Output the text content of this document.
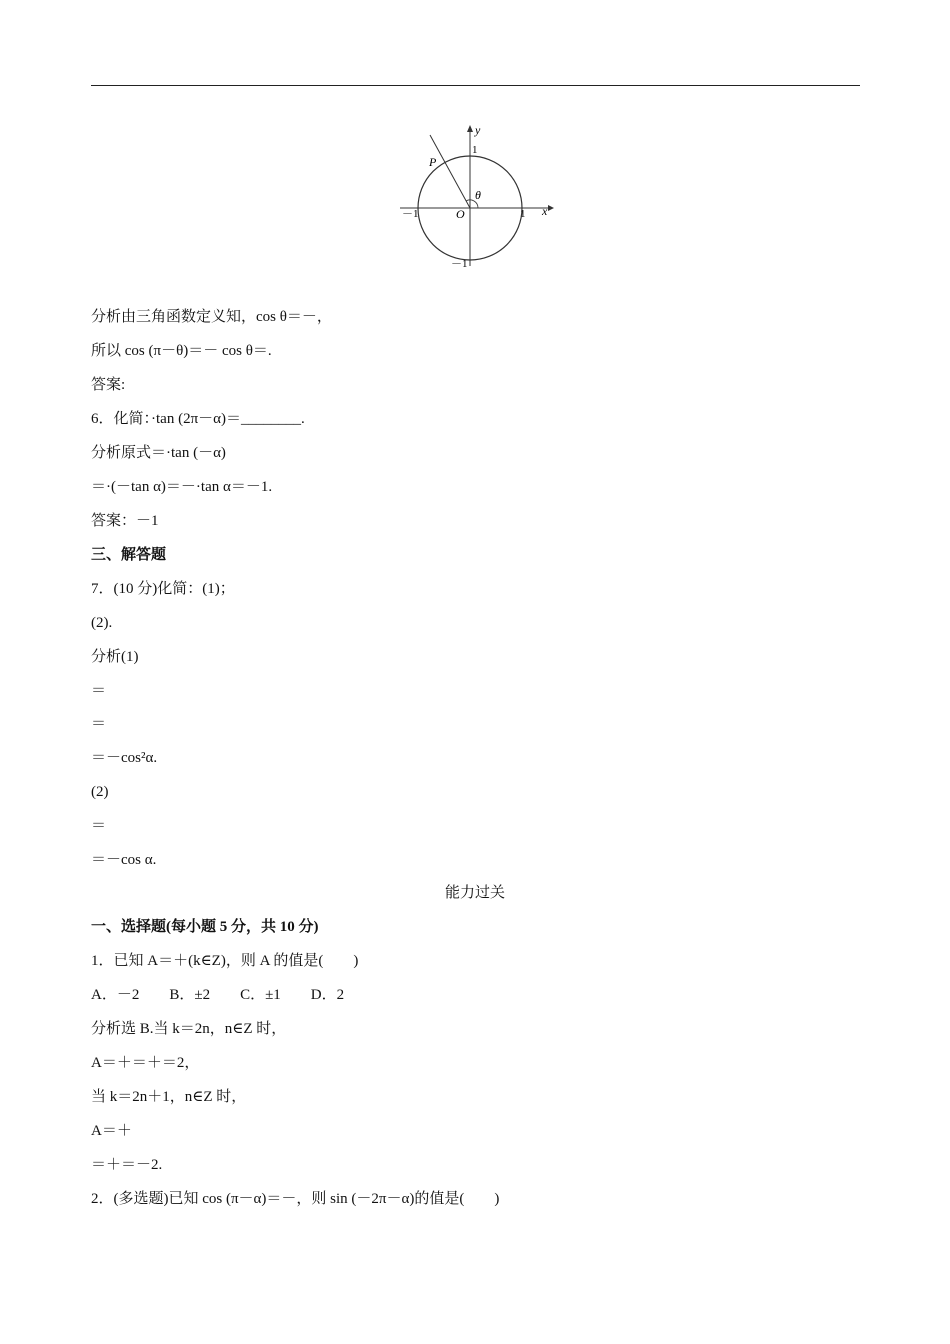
x
y
P
O
θ
1
－1
1
－1
分析由三角函数定义知，cos θ＝－，
所以 cos (π－θ)＝－ cos θ＝.
答案:
6．化简：·tan (2π－α)＝________.
分析原式＝·tan (－α)
＝·(－tan α)＝－·tan α＝－1.
答案：－1
三、解答题
7．(10 分)化简：(1)；
(2).
分析(1)
＝
＝
＝－cos²α.
(2)
＝
＝－cos α.
能力过关
一、选择题(每小题 5 分，共 10 分)
1．已知 A＝＋(k∈Z)，则 A 的值是(　　)
A．－2　　B．±2　　C．±1　　D．2
分析选 B.当 k＝2n，n∈Z 时，
A＝＋＝＋＝2，
当 k＝2n＋1，n∈Z 时，
A＝＋
＝＋＝－2.
2．(多选题)已知 cos (π－α)＝－，则 sin (－2π－α)的值是(　　)
